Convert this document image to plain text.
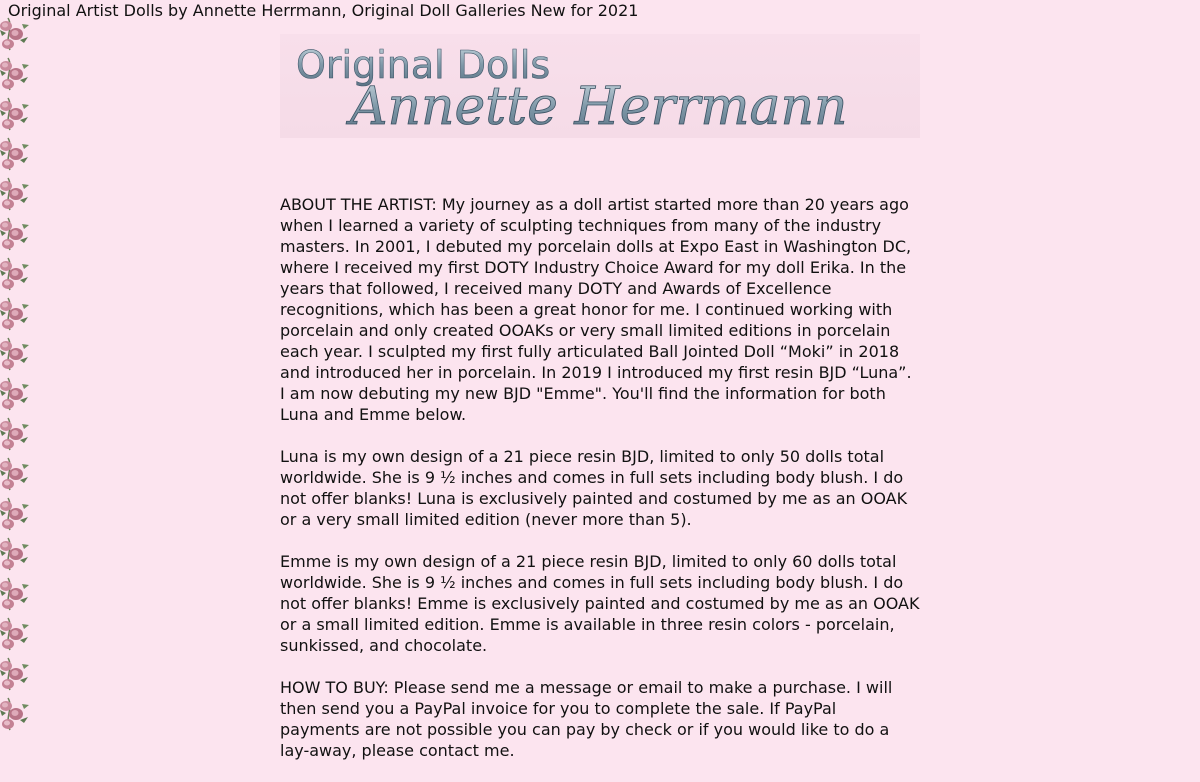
Original Artist Dolls by Annette Herrmann, Original Doll Galleries New for 2021
Original Dolls
Annette Herrmann

ABOUT THE ARTIST: My journey as a doll artist started more than 20 years ago when I learned a variety of sculpting techniques from many of the industry masters. In 2001, I debuted my porcelain dolls at Expo East in Washington DC, where I received my first DOTY Industry Choice Award for my doll Erika. In the years that followed, I received many DOTY and Awards of Excellence recognitions, which has been a great honor for me. I continued working with porcelain and only created OOAKs or very small limited editions in porcelain each year. I sculpted my first fully articulated Ball Jointed Doll “Moki” in 2018 and introduced her in porcelain. In 2019 I introduced my first resin BJD “Luna”. I am now debuting my new BJD "Emme". You'll find the information for both Luna and Emme below.

Luna is my own design of a 21 piece resin BJD, limited to only 50 dolls total worldwide. She is 9 ½ inches and comes in full sets including body blush. I do not offer blanks! Luna is exclusively painted and costumed by me as an OOAK or a very small limited edition (never more than 5).

Emme is my own design of a 21 piece resin BJD, limited to only 60 dolls total worldwide. She is 9 ½ inches and comes in full sets including body blush. I do not offer blanks! Emme is exclusively painted and costumed by me as an OOAK or a small limited edition. Emme is available in three resin colors - porcelain, sunkissed, and chocolate.

HOW TO BUY: Please send me a message or email to make a purchase. I will then send you a PayPal invoice for you to complete the sale. If PayPal payments are not possible you can pay by check or if you would like to do a lay-away, please contact me.
